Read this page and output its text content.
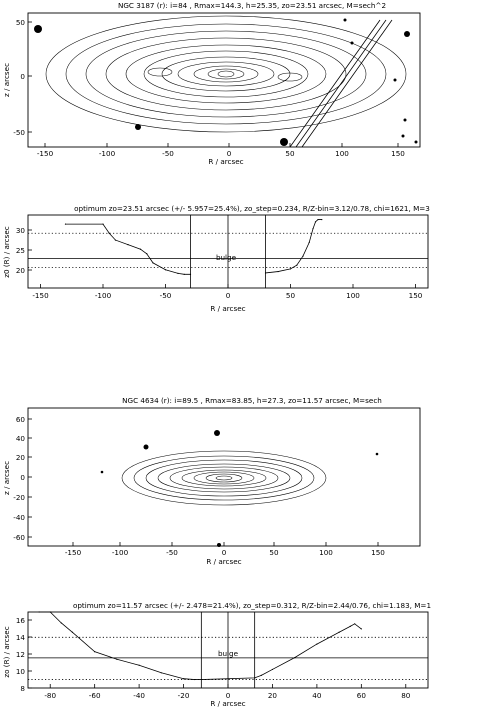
NGC 3187 (r): i=84 , Rmax=144.3, h=25.35, zo=23.51 arcsec, M=sech^2
-150	-100	-50	0	50	100	150
R / arcsec
50
0
-50
z / arcsec
optimum zo=23.51 arcsec (+/- 5.957=25.4%), zo_step=0.234, R/Z-bin=3.12/0.78, chi=1621, M=3
bulge
-150	-100	-50	0	50	100	150
R / arcsec
30
25
20
z0 (R) / arcsec
NGC 4634 (r): i=89.5 , Rmax=83.85, h=27.3, zo=11.57 arcsec, M=sech
-150	-100	-50	0	50	100	150
R / arcsec
60
40
20
0
-20
-40
-60
z / arcsec
optimum zo=11.57 arcsec (+/- 2.478=21.4%), zo_step=0.312, R/Z-bin=2.44/0.76, chi=1.183, M=1
bulge
-80	-60	-40	-20	0	20	40	60	80
R / arcsec
16
14
12
10
8
zo (R) / arcsec
